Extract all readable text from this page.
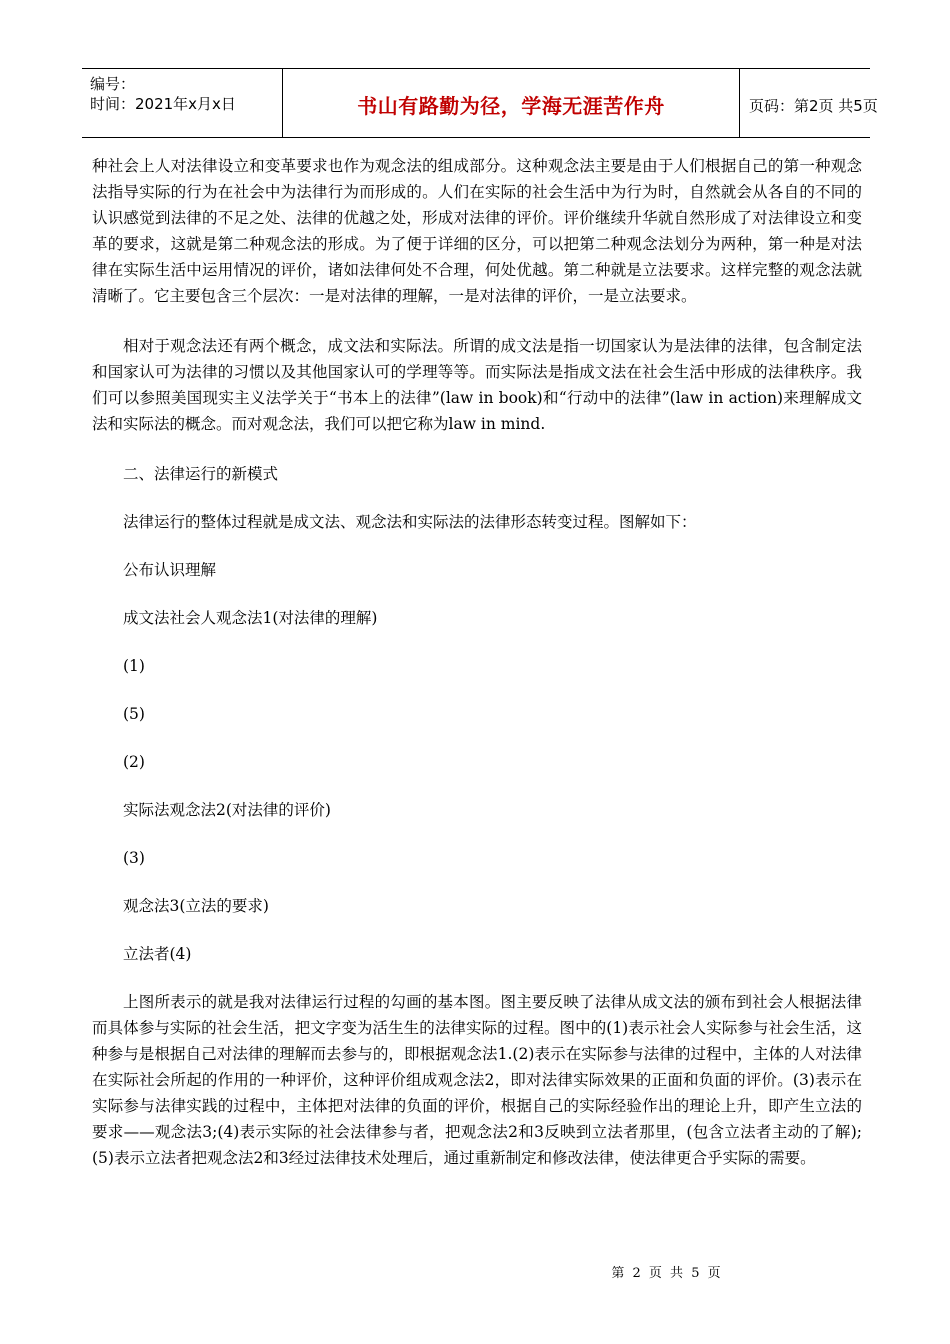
编号：
时间：2021年x月x日	书山有路勤为径，学海无涯苦作舟	页码：第2页 共5页

种社会上人对法律设立和变革要求也作为观念法的组成部分。这种观念法主要是由于人们根据自己的第一种观念法指导实际的行为在社会中为法律行为而形成的。人们在实际的社会生活中为行为时，自然就会从各自的不同的认识感觉到法律的不足之处、法律的优越之处，形成对法律的评价。评价继续升华就自然形成了对法律设立和变革的要求，这就是第二种观念法的形成。为了便于详细的区分，可以把第二种观念法划分为两种，第一种是对法律在实际生活中运用情况的评价，诸如法律何处不合理，何处优越。第二种就是立法要求。这样完整的观念法就清晰了。它主要包含三个层次：一是对法律的理解，一是对法律的评价，一是立法要求。

相对于观念法还有两个概念，成文法和实际法。所谓的成文法是指一切国家认为是法律的法律，包含制定法和国家认可为法律的习惯以及其他国家认可的学理等等。而实际法是指成文法在社会生活中形成的法律秩序。我们可以参照美国现实主义法学关于“书本上的法律”(law in book)和“行动中的法律”(law in action)来理解成文法和实际法的概念。而对观念法，我们可以把它称为law in mind.

二、法律运行的新模式

法律运行的整体过程就是成文法、观念法和实际法的法律形态转变过程。图解如下：

公布认识理解

成文法社会人观念法1(对法律的理解)

(1)

(5)

(2)

实际法观念法2(对法律的评价)

(3)

观念法3(立法的要求)

立法者(4)

上图所表示的就是我对法律运行过程的勾画的基本图。图主要反映了法律从成文法的颁布到社会人根据法律而具体参与实际的社会生活，把文字变为活生生的法律实际的过程。图中的(1)表示社会人实际参与社会生活，这种参与是根据自己对法律的理解而去参与的，即根据观念法1.(2)表示在实际参与法律的过程中，主体的人对法律在实际社会所起的作用的一种评价，这种评价组成观念法2，即对法律实际效果的正面和负面的评价。(3)表示在实际参与法律实践的过程中，主体把对法律的负面的评价，根据自己的实际经验作出的理论上升，即产生立法的要求——观念法3;(4)表示实际的社会法律参与者，把观念法2和3反映到立法者那里，(包含立法者主动的了解);(5)表示立法者把观念法2和3经过法律技术处理后，通过重新制定和修改法律，使法律更合乎实际的需要。

第 2 页 共 5 页
